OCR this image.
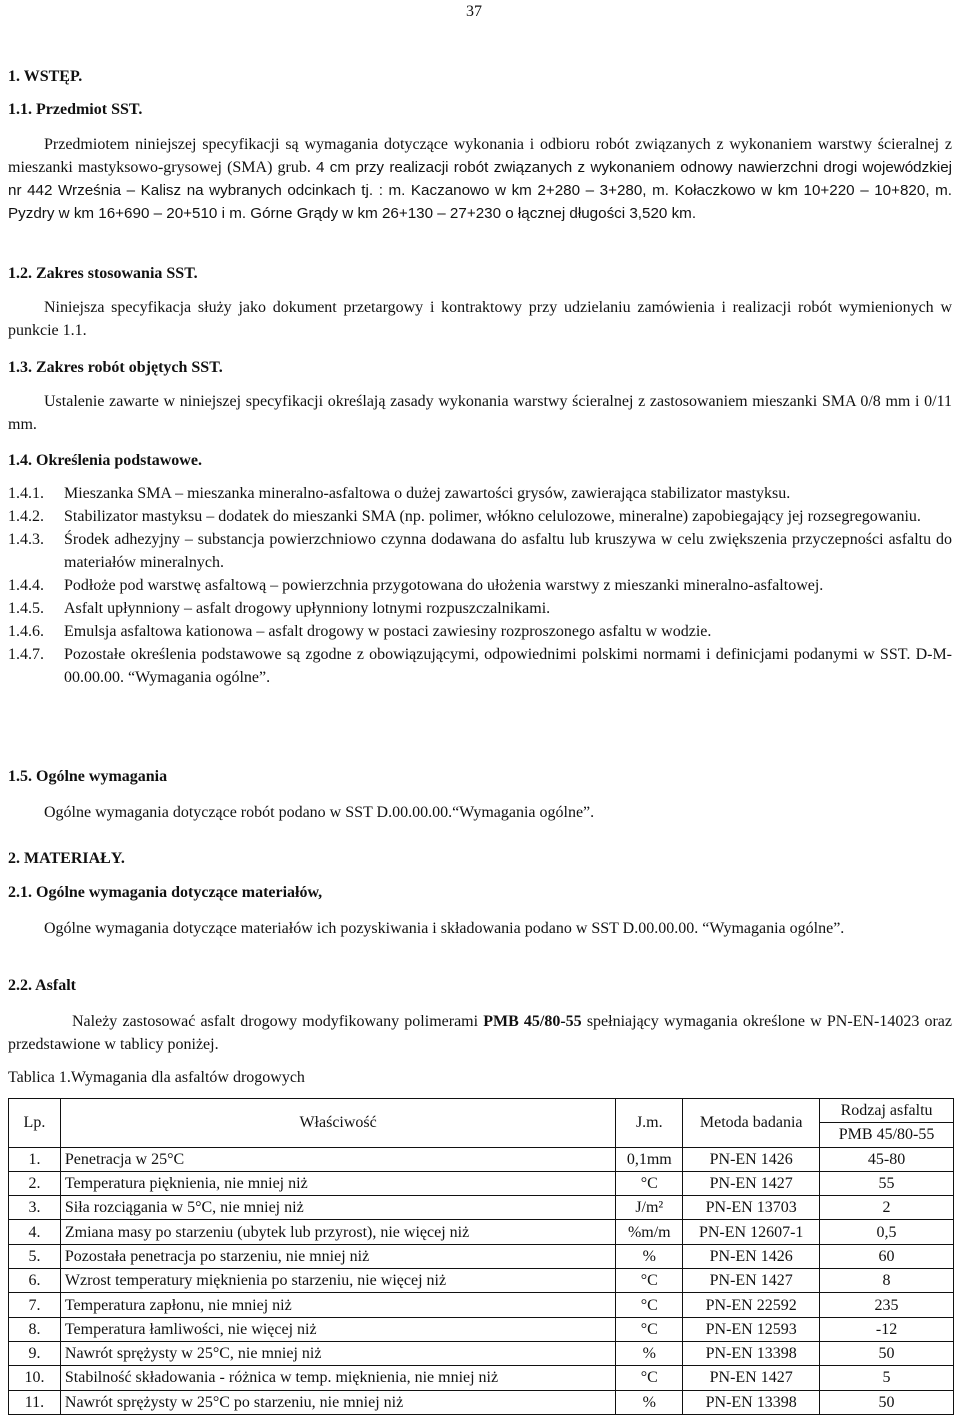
37
1. WSTĘP.
1.1. Przedmiot SST.
Przedmiotem niniejszej specyfikacji są wymagania dotyczące wykonania i odbioru robót związanych z wykonaniem warstwy ścieralnej z mieszanki mastyksowo-grysowej (SMA) grub. 4 cm przy realizacji robót związanych z wykonaniem odnowy nawierzchni drogi wojewódzkiej nr 442 Września – Kalisz na wybranych odcinkach tj. : m. Kaczanowo w km 2+280 – 3+280, m. Kołaczkowo w km 10+220 – 10+820, m. Pyzdry w km 16+690 – 20+510 i m. Górne Grądy w km 26+130 – 27+230 o łącznej długości 3,520 km.
1.2. Zakres stosowania SST.
Niniejsza specyfikacja służy jako dokument przetargowy i kontraktowy przy udzielaniu zamówienia i realizacji robót wymienionych w punkcie 1.1.
1.3. Zakres robót objętych SST.
Ustalenie zawarte w niniejszej specyfikacji określają zasady wykonania warstwy ścieralnej z zastosowaniem mieszanki SMA 0/8 mm i 0/11 mm.
1.4. Określenia podstawowe.
1.4.1.	Mieszanka SMA – mieszanka mineralno-asfaltowa o dużej zawartości grysów, zawierająca stabilizator mastyksu.
1.4.2.	Stabilizator mastyksu – dodatek do mieszanki SMA (np. polimer, włókno celulozowe, mineralne) zapobiegający jej rozsegregowaniu.
1.4.3.	Środek adhezyjny – substancja powierzchniowo czynna dodawana do asfaltu lub kruszywa w celu zwiększenia przyczepności asfaltu do materiałów mineralnych.
1.4.4.	Podłoże pod warstwę asfaltową – powierzchnia przygotowana do ułożenia warstwy z mieszanki mineralno-asfaltowej.
1.4.5.	Asfalt upłynniony – asfalt drogowy upłynniony lotnymi rozpuszczalnikami.
1.4.6.	Emulsja asfaltowa kationowa – asfalt drogowy w postaci zawiesiny rozproszonego asfaltu w wodzie.
1.4.7.	Pozostałe określenia podstawowe są zgodne z obowiązującymi, odpowiednimi polskimi normami i definicjami podanymi w SST. D-M-00.00.00. “Wymagania ogólne”.
1.5. Ogólne wymagania
Ogólne wymagania dotyczące robót podano w SST D.00.00.00.“Wymagania ogólne”.
2. MATERIAŁY.
2.1. Ogólne wymagania dotyczące materiałów,
Ogólne wymagania dotyczące materiałów ich pozyskiwania i składowania podano w SST D.00.00.00. “Wymagania ogólne”.
2.2. Asfalt
Należy zastosować asfalt drogowy modyfikowany polimerami PMB 45/80-55 spełniający wymagania określone w PN-EN-14023 oraz przedstawione w tablicy poniżej.
Tablica 1.Wymagania dla asfaltów drogowych
Lp.	Właściwość	J.m.	Metoda badania	Rodzaj asfaltu
				PMB 45/80-55
1.	Penetracja w 25°C	0,1mm	PN-EN 1426	45-80
2.	Temperatura pięknienia, nie mniej niż	°C	PN-EN 1427	55
3.	Siła rozciągania w 5°C, nie mniej niż	J/m²	PN-EN 13703	2
4.	Zmiana masy po starzeniu (ubytek lub przyrost), nie więcej niż	%m/m	PN-EN 12607-1	0,5
5.	Pozostała penetracja po starzeniu, nie mniej niż	%	PN-EN 1426	60
6.	Wzrost temperatury mięknienia po starzeniu, nie więcej niż	°C	PN-EN 1427	8
7.	Temperatura zapłonu, nie mniej niż	°C	PN-EN 22592	235
8.	Temperatura łamliwości, nie więcej niż	°C	PN-EN 12593	-12
9.	Nawrót sprężysty w 25°C, nie mniej niż	%	PN-EN 13398	50
10.	Stabilność składowania - różnica w temp. mięknienia, nie mniej niż	°C	PN-EN 1427	5
11.	Nawrót sprężysty w 25°C po starzeniu, nie mniej niż	%	PN-EN 13398	50
